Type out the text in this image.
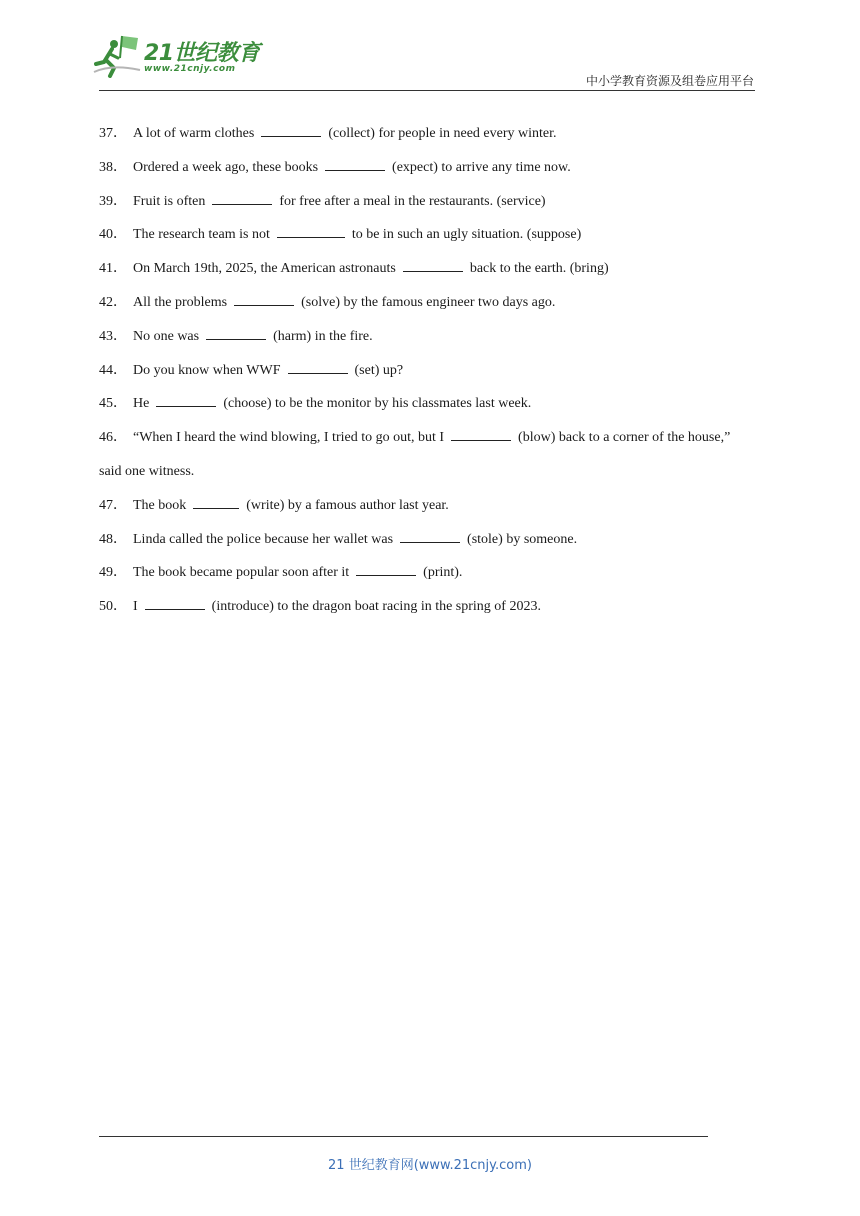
21世纪教育
www.21cnjy.com
中小学教育资源及组卷应用平台
37． A lot of warm clothes	(collect) for people in need every winter.
38． Ordered a week ago, these books	(expect) to arrive any time now.
39． Fruit is often	for free after a meal in the restaurants. (service)
40． The research team is not	to be in such an ugly situation. (suppose)
41． On March 19th, 2025, the American astronauts	back to the earth. (bring)
42． All the problems	(solve) by the famous engineer two days ago.
43． No one was	(harm) in the fire.
44． Do you know when WWF	(set) up?
45． He	(choose) to be the monitor by his classmates last week.
46． “When I heard the wind blowing, I tried to go out, but I	(blow) back to a corner of the house,” said one witness.
47． The book	(write) by a famous author last year.
48． Linda called the police because her wallet was	(stole) by someone.
49． The book became popular soon after it	(print).
50． I	(introduce) to the dragon boat racing in the spring of 2023.
21 世纪教育网(www.21cnjy.com)
